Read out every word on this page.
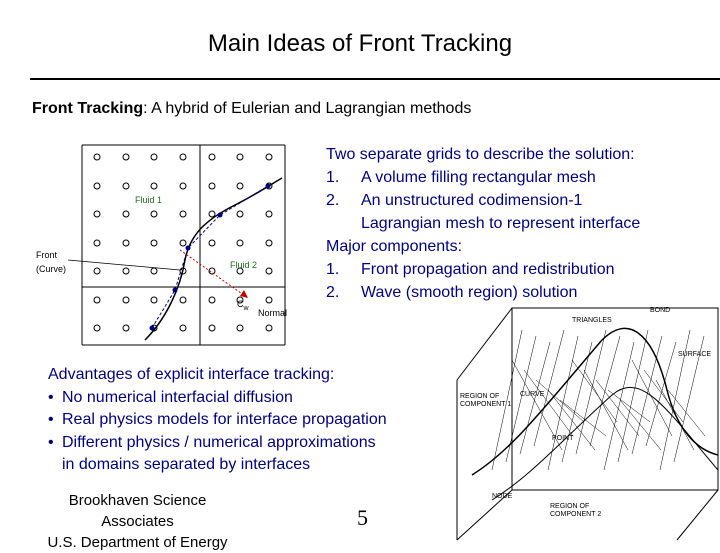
Main Ideas of Front Tracking
Front Tracking: A hybrid of Eulerian and Lagrangian methods
Fluid 1
Fluid 2
Front
(Curve)
Normal
$C_w$
Two separate grids to describe the solution:
1.	A volume filling rectangular mesh
2.	An unstructured codimension-1
Lagrangian mesh to represent interface
Major components:
1.	Front propagation and redistribution
2.	Wave (smooth region) solution
Advantages of explicit interface tracking:
• No numerical interfacial diffusion
• Real physics models for interface propagation
• Different physics / numerical approximations
in domains separated by interfaces
BOND
TRIANGLES
SURFACE
REGION OF
COMPONENT 1
POINT
CURVE
NODE
REGION OF
COMPONENT 2
Brookhaven Science
Associates
U.S. Department of Energy
5
